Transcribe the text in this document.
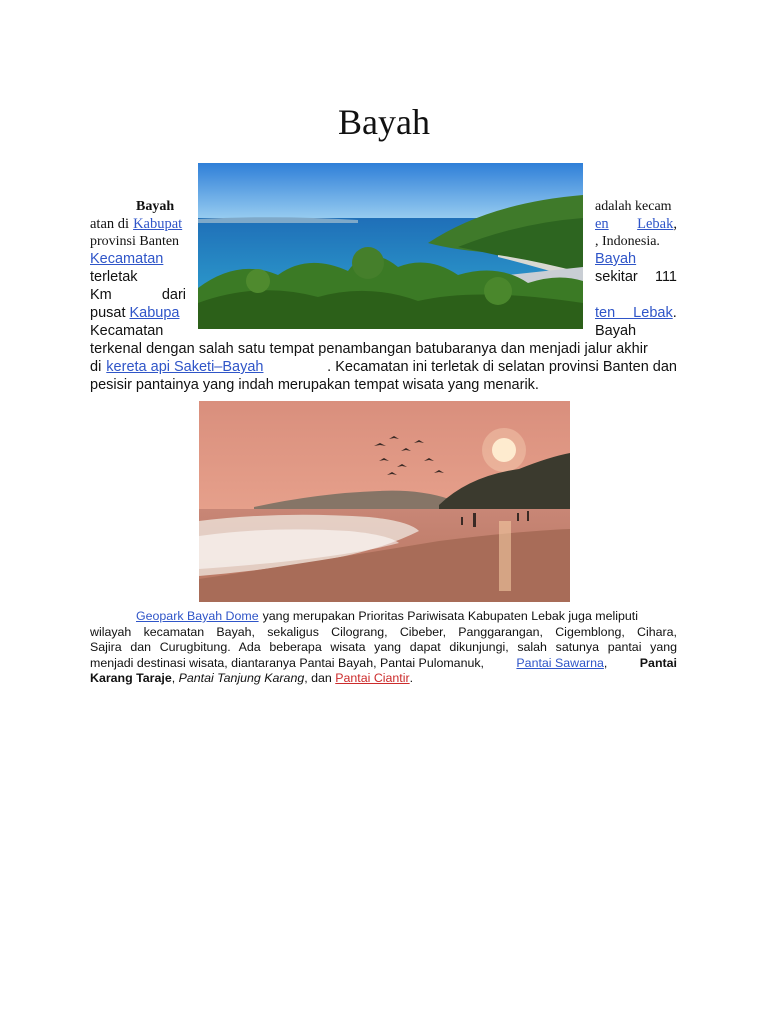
Bayah
Bayah	adalah kecam
atan di Kabupat	en Lebak,
provinsi Banten	, Indonesia.
Kecamatan	Bayah
terletak	sekitar 111
Km	dari
pusat Kabupa	ten Lebak .
Kecamatan	Bayah
terkenal dengan salah satu tempat penambangan batubaranya dan menjadi jalur akhir
di kereta api Saketi–Bayah	. Kecamatan ini terletak di selatan provinsi Banten dan
pesisir pantainya yang indah merupakan tempat wisata yang menarik.
Geopark Bayah Dome yang merupakan Prioritas Pariwisata Kabupaten Lebak juga meliputi
wilayah kecamatan Bayah, sekaligus Cilograng, Cibeber, Panggarangan, Cigemblong, Cihara,
Sajira dan Curugbitung. Ada beberapa wisata yang dapat dikunjungi, salah satunya pantai yang
menjadi destinasi wisata, diantaranya Pantai Bayah, Pantai Pulomanuk,	Pantai Sawarna,	Pantai
Karang Taraje , Pantai Tanjung Karang , dan Pantai Ciantir .
